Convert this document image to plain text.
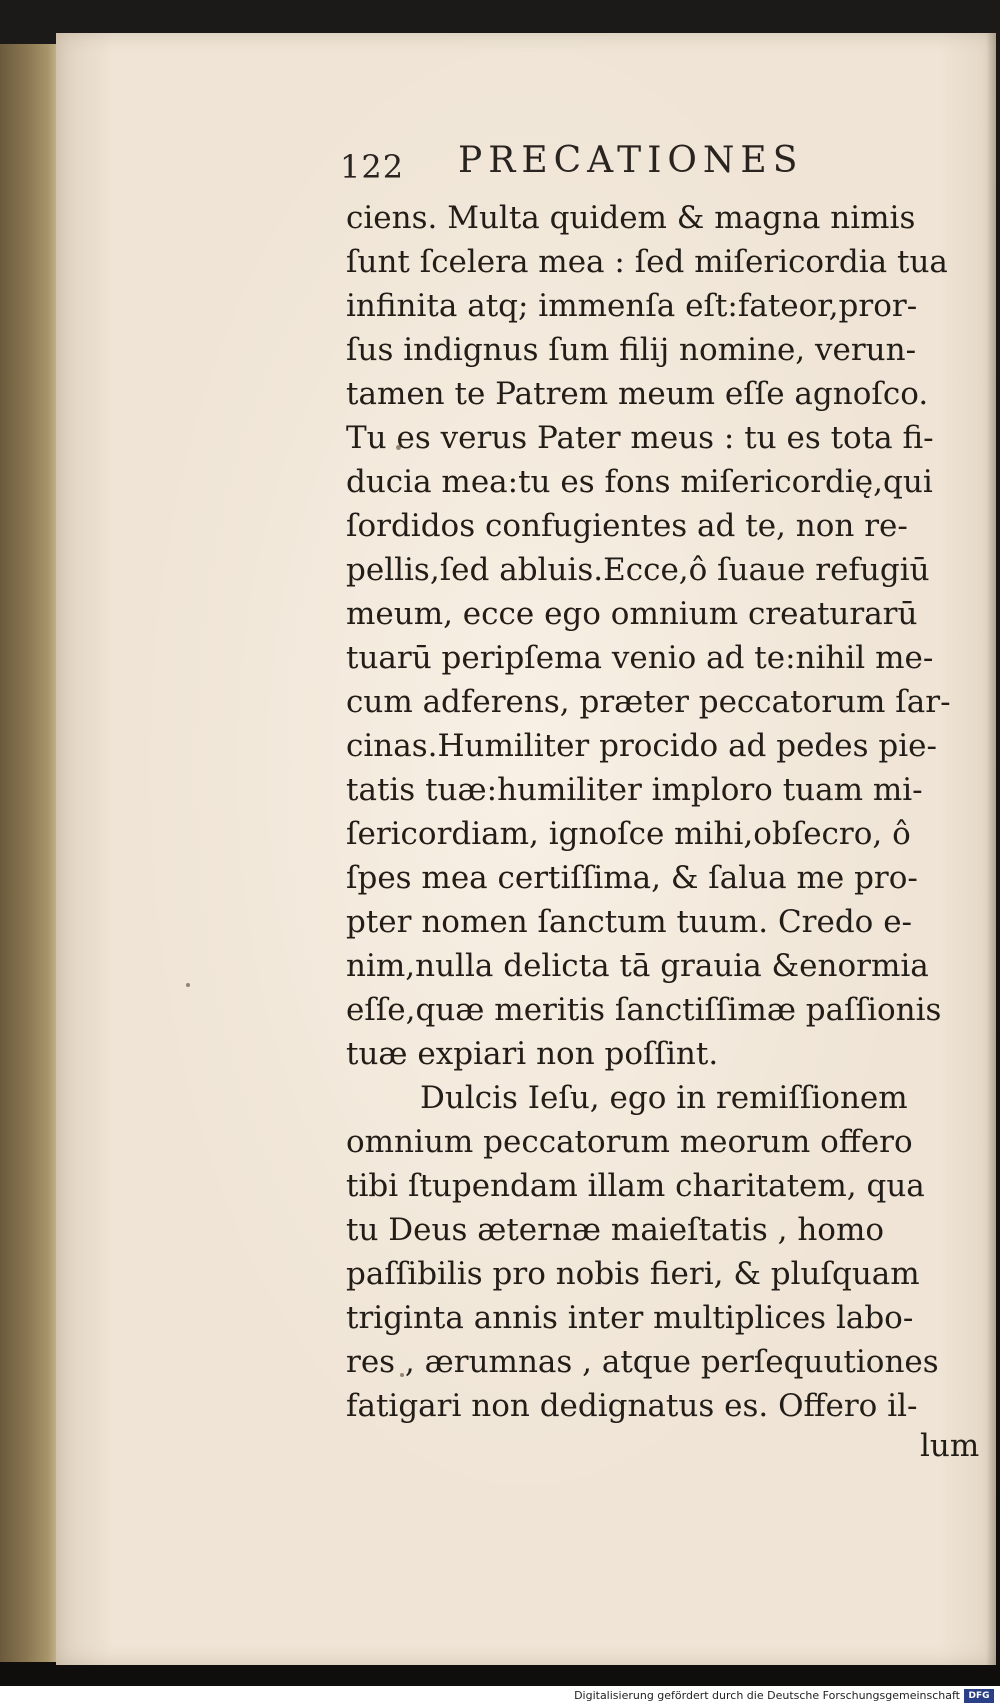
122 PRECATIONES
ciens. Multa quidem & magna nimis
ſunt ſcelera mea : ſed miſericordia tua
infinita atq; immenſa eſt:fateor,pror-
ſus indignus ſum filij nomine, verun-
tamen te Patrem meum eſſe agnoſco.
Tu es verus Pater meus : tu es tota fi-
ducia mea:tu es fons miſericordię,qui
ſordidos confugientes ad te, non re-
pellis,ſed abluis.Ecce,ô ſuaue refugiū
meum, ecce ego omnium creaturarū
tuarū peripſema venio ad te:nihil me-
cum adferens, præter peccatorum ſar-
cinas.Humiliter procido ad pedes pie-
tatis tuæ:humiliter imploro tuam mi-
ſericordiam, ignoſce mihi,obſecro, ô
ſpes mea certiſſima, & ſalua me pro-
pter nomen ſanctum tuum. Credo e-
nim,nulla delicta tā grauia &enormia
eſſe,quæ meritis ſanctiſſimæ paſſionis
tuæ expiari non poſſint.
Dulcis Ieſu, ego in remiſſionem
omnium peccatorum meorum offero
tibi ſtupendam illam charitatem, qua
tu Deus æternæ maieſtatis , homo
paſſibilis pro nobis fieri, & pluſquam
triginta annis inter multiplices labo-
res , ærumnas , atque perſequutiones
fatigari non dedignatus es. Offero il-
lum
Digitalisierung gefördert durch die Deutsche Forschungsgemeinschaft DFG
